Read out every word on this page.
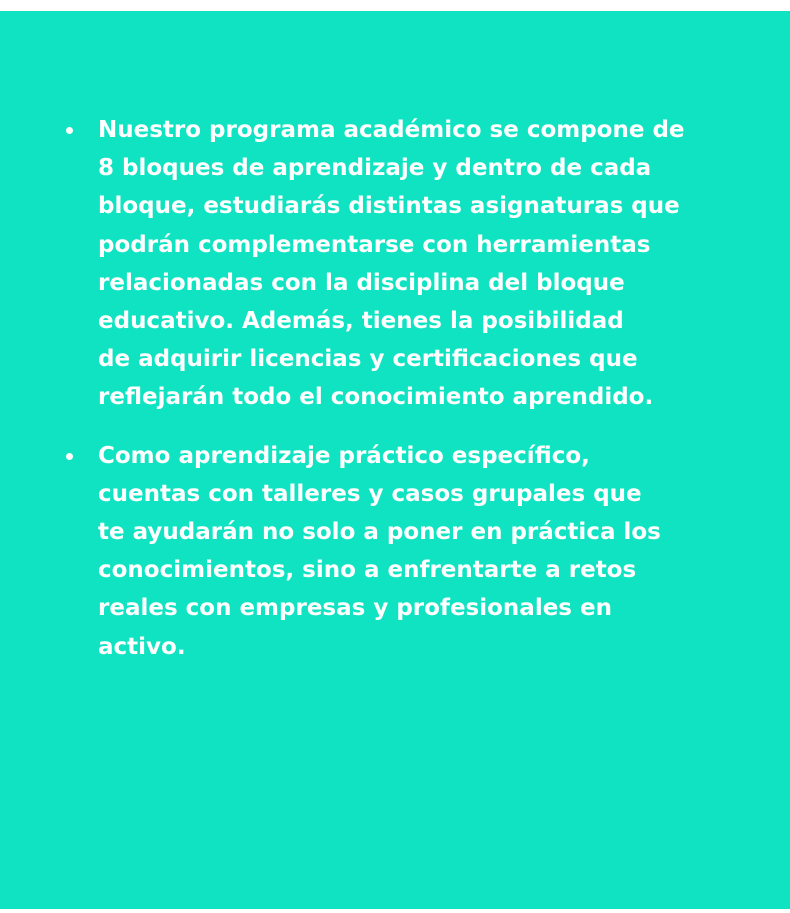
Nuestro programa académico se compone de
8 bloques de aprendizaje y dentro de cada
bloque, estudiarás distintas asignaturas que
podrán complementarse con herramientas
relacionadas con la disciplina del bloque
educativo. Además, tienes la posibilidad
de adquirir licencias y certificaciones que
reflejarán todo el conocimiento aprendido.
Como aprendizaje práctico específico,
cuentas con talleres y casos grupales que
te ayudarán no solo a poner en práctica los
conocimientos, sino a enfrentarte a retos
reales con empresas y profesionales en
activo.
